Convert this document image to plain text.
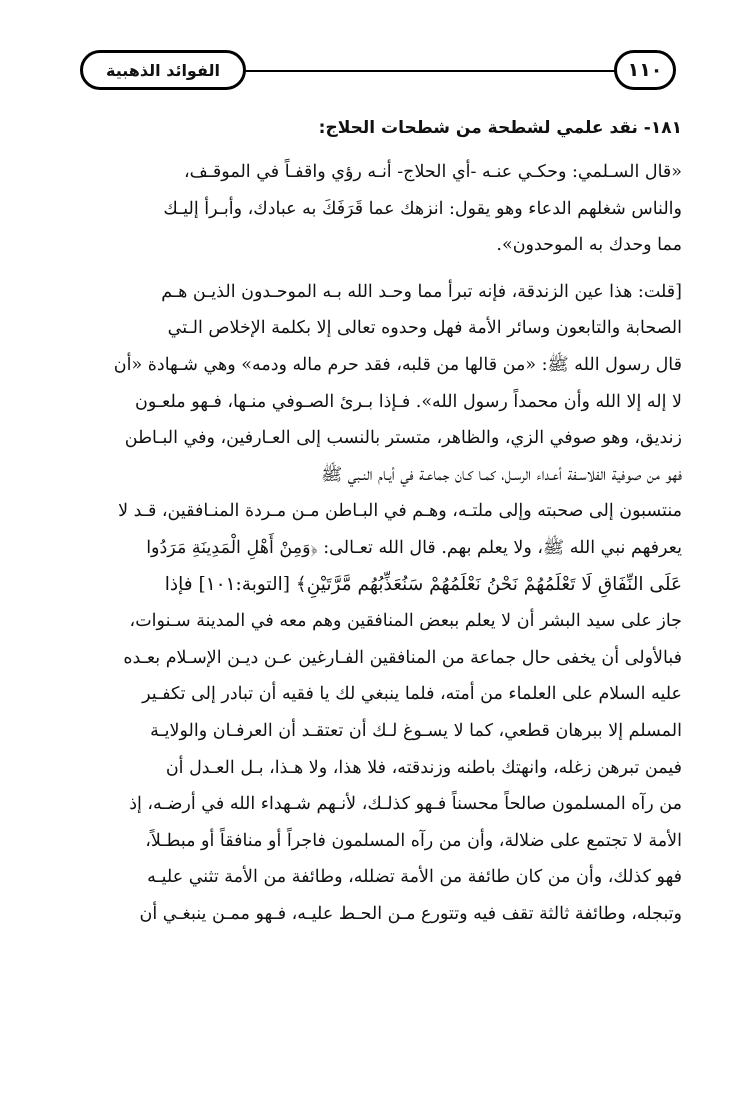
الفوائد الذهبية	١١٠
١٨١- نقد علمي لشطحة من شطحات الحلاج:
«قال السـلمي: وحكـي عنـه -أي الحلاج- أنـه رؤي واقفـاً في الموقـف،
والناس شغلهم الدعاء وهو يقول: انزهك عما قَرَفَكَ به عبادك، وأبـرأ إليـك
مما وحدك به الموحدون».
[قلت: هذا عين الزندقة، فإنه تبرأ مما وحـد الله بـه الموحـدون الذيـن هـم
الصحابة والتابعون وسائر الأمة فهل وحدوه تعالى إلا بكلمة الإخلاص الـتي
قال رسول الله ﷺ: «من قالها من قلبه، فقد حرم ماله ودمه» وهي شـهادة «أن
لا إله إلا الله وأن محمداً رسول الله». فـإذا بـرئ الصـوفي منـها، فـهو ملعـون
زنديق، وهو صوفي الزي، والظاهر، متستر بالنسب إلى العـارفين، وفي البـاطن
فهو من صوفية الفلاسـفة أعـداء الرسـل، كمـا كـان جماعـة في أيـام النـبي ﷺ
منتسبون إلى صحبته وإلى ملتـه، وهـم في البـاطن مـن مـردة المنـافقين، قـد لا
يعرفهم نبي الله ﷺ، ولا يعلم بهم. قال الله تعـالى: ﴿وَمِنْ أَهْلِ الْمَدِينَةِ مَرَدُوا
عَلَى النِّفَاقِ لَا تَعْلَمُهُمْ نَحْنُ نَعْلَمُهُمْ سَنُعَذِّبُهُم مَّرَّتَيْنِ﴾ [التوبة:١٠١] فإذا
جاز على سيد البشر أن لا يعلم ببعض المنافقين وهم معه في المدينة سـنوات،
فبالأولى أن يخفى حال جماعة من المنافقين الفـارغين عـن ديـن الإسـلام بعـده
عليه السلام على العلماء من أمته، فلما ينبغي لك يا فقيه أن تبادر إلى تكفـير
المسلم إلا ببرهان قطعي، كما لا يسـوغ لـك أن تعتقـد أن العرفـان والولايـة
فيمن تبرهن زغله، وانهتك باطنه وزندقته، فلا هذا، ولا هـذا، بـل العـدل أن
من رآه المسلمون صالحاً محسناً فـهو كذلـك، لأنـهم شـهداء الله في أرضـه، إذ
الأمة لا تجتمع على ضلالة، وأن من رآه المسلمون فاجراً أو منافقاً أو مبطـلاً،
فهو كذلك، وأن من كان طائفة من الأمة تضلله، وطائفة من الأمة تثني عليـه
وتبجله، وطائفة ثالثة تقف فيه وتتورع مـن الحـط عليـه، فـهو ممـن ينبغـي أن
